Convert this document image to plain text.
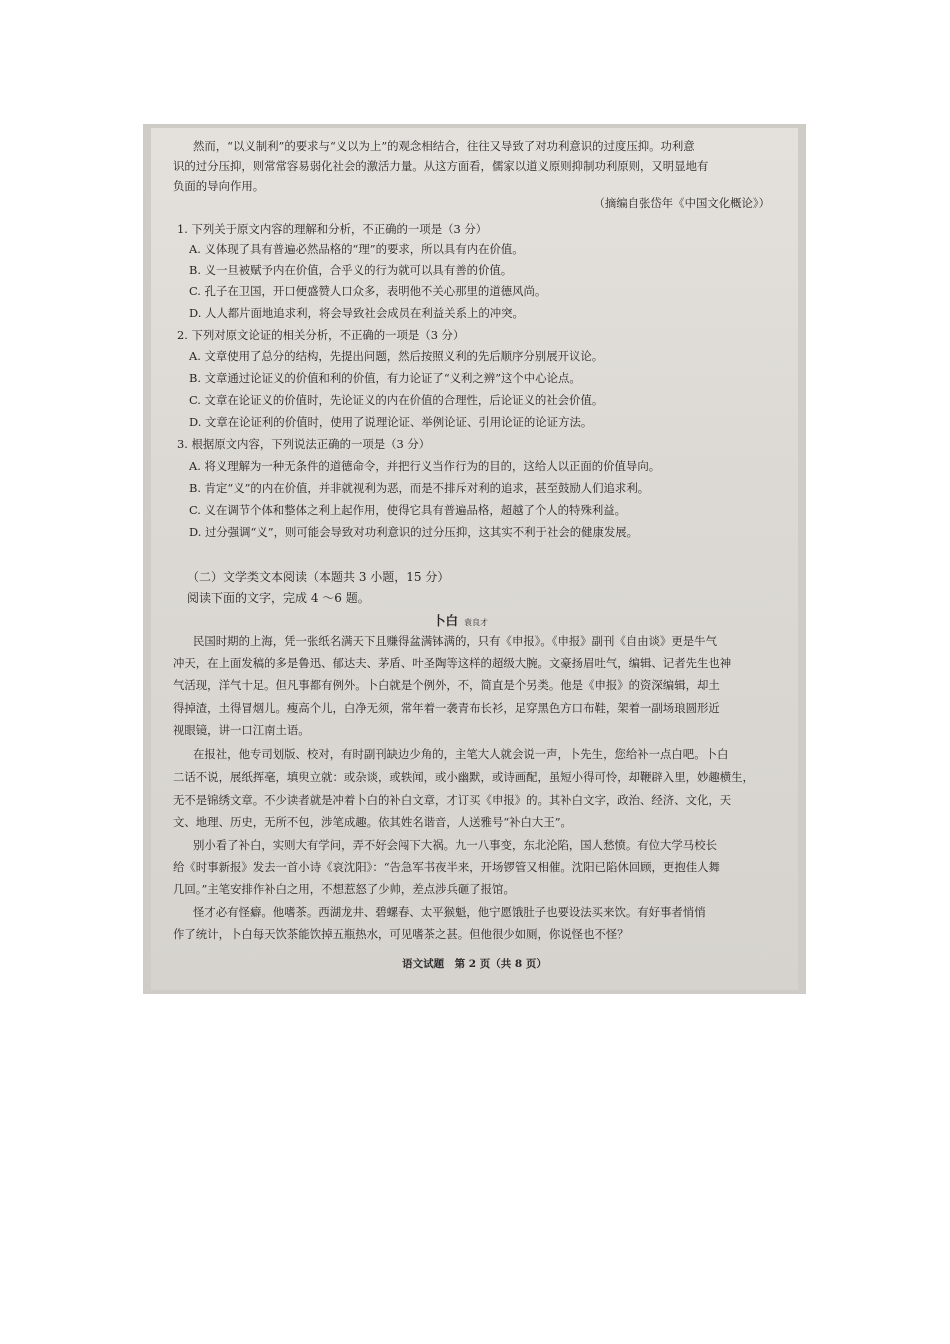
然而，“以义制利”的要求与“义以为上”的观念相结合，往往又导致了对功利意识的过度压抑。功利意

识的过分压抑，则常常容易弱化社会的激活力量。从这方面看，儒家以道义原则抑制功利原则，又明显地有

负面的导向作用。

（摘编自张岱年《中国文化概论》）

1. 下列关于原文内容的理解和分析，不正确的一项是（3 分）

A. 义体现了具有普遍必然品格的“理”的要求，所以具有内在价值。

B. 义一旦被赋予内在价值，合乎义的行为就可以具有善的价值。

C. 孔子在卫国，开口便盛赞人口众多，表明他不关心那里的道德风尚。

D. 人人都片面地追求利，将会导致社会成员在利益关系上的冲突。

2. 下列对原文论证的相关分析，不正确的一项是（3 分）

A. 文章使用了总分的结构，先提出问题，然后按照义利的先后顺序分别展开议论。

B. 文章通过论证义的价值和利的价值，有力论证了“义利之辨”这个中心论点。

C. 文章在论证义的价值时，先论证义的内在价值的合理性，后论证义的社会价值。

D. 文章在论证利的价值时，使用了说理论证、举例论证、引用论证的论证方法。

3. 根据原文内容，下列说法正确的一项是（3 分）

A. 将义理解为一种无条件的道德命令，并把行义当作行为的目的，这给人以正面的价值导向。

B. 肯定“义”的内在价值，并非就视利为恶，而是不排斥对利的追求，甚至鼓励人们追求利。

C. 义在调节个体和整体之利上起作用，使得它具有普遍品格，超越了个人的特殊利益。

D. 过分强调“义”，则可能会导致对功利意识的过分压抑，这其实不利于社会的健康发展。

（二）文学类文本阅读（本题共 3 小题，15 分）

阅读下面的文字，完成 4 ～6 题。

卜白 袁良才

民国时期的上海，凭一张纸名满天下且赚得盆满钵满的，只有《申报》。《申报》副刊《自由谈》更是牛气

冲天，在上面发稿的多是鲁迅、郁达夫、茅盾、叶圣陶等这样的超级大腕。文豪扬眉吐气，编辑、记者先生也神

气活现，洋气十足。但凡事都有例外。卜白就是个例外，不，简直是个另类。他是《申报》的资深编辑，却土

得掉渣，土得冒烟儿。瘦高个儿，白净无须，常年着一袭青布长衫，足穿黑色方口布鞋，架着一副场琅圆形近

视眼镜，讲一口江南土语。

在报社，他专司划版、校对，有时副刊缺边少角的，主笔大人就会说一声，卜先生，您给补一点白吧。卜白

二话不说，展纸挥毫，填臾立就：或杂谈，或轶闻，或小幽默，或诗画配，虽短小得可怜，却鞭辟入里，妙趣横生，

无不是锦绣文章。不少读者就是冲着卜白的补白文章，才订买《申报》的。其补白文字，政治、经济、文化，天

文、地理、历史，无所不包，涉笔成趣。依其姓名谐音，人送雅号“补白大王”。

别小看了补白，实则大有学问，弄不好会闯下大祸。九一八事变，东北沦陷，国人愁愤。有位大学马校长

给《时事新报》发去一首小诗《哀沈阳》：“告急军书夜半来，开场锣管又相催。沈阳已陷休回顾，更抱佳人舞

几回。”主笔安排作补白之用，不想惹怒了少帅，差点涉兵砸了报馆。

怪才必有怪癖。他嗜茶。西湖龙井、碧螺春、太平猴魁，他宁愿饿肚子也要设法买来饮。有好事者悄悄

作了统计，卜白每天饮茶能饮掉五瓶热水，可见嗜茶之甚。但他很少如厕，你说怪也不怪？

语文试题　第 2 页（共 8 页）
